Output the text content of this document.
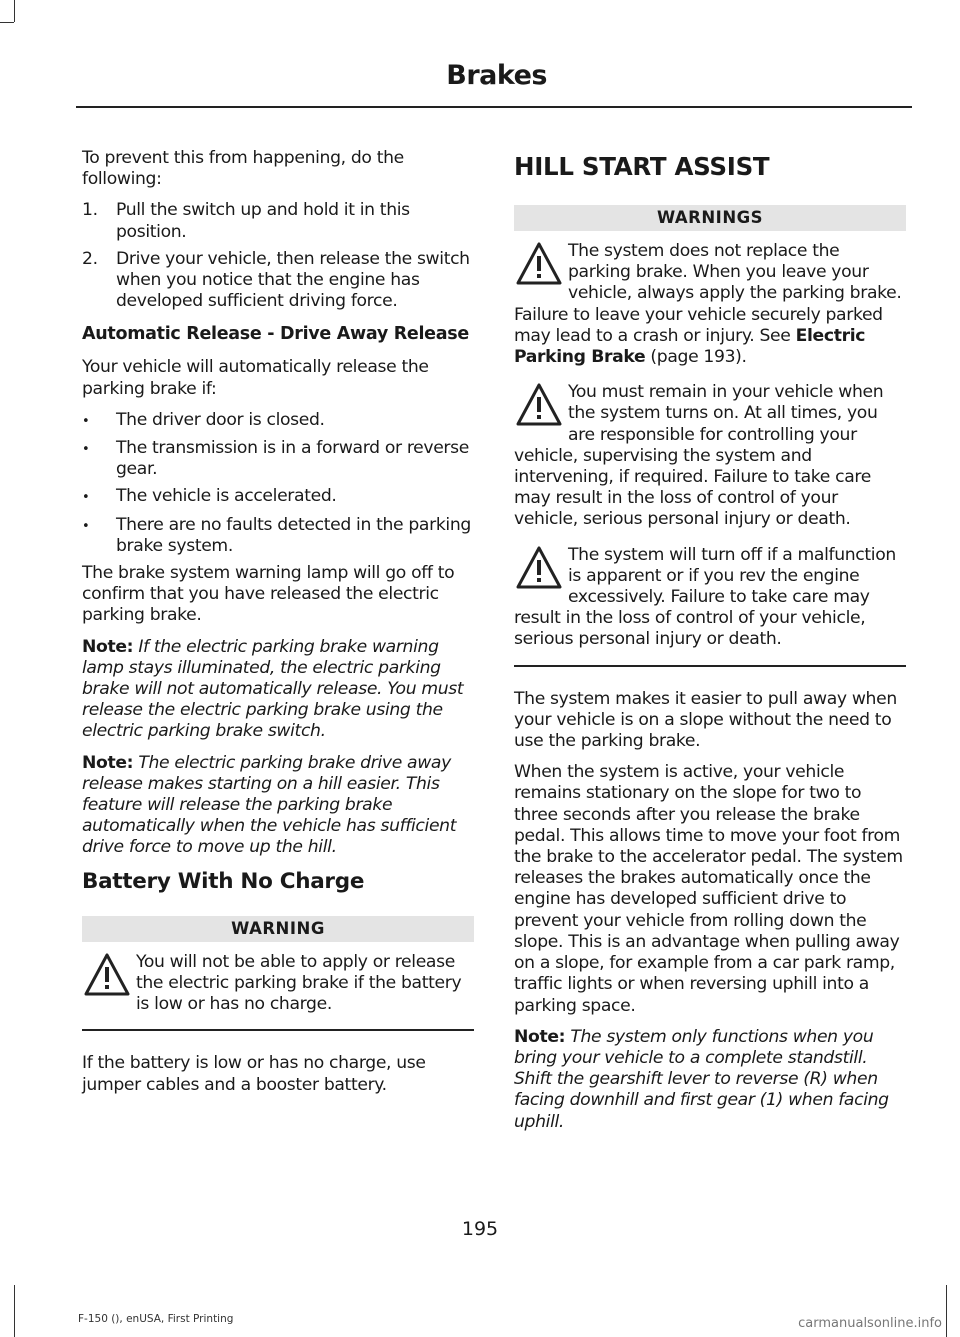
Brakes

To prevent this from happening, do the following:

1.	Pull the switch up and hold it in this position.
2.	Drive your vehicle, then release the switch when you notice that the engine has developed sufficient driving force.
Automatic Release - Drive Away Release

Your vehicle will automatically release the parking brake if:

•
The driver door is closed.
•
The transmission is in a forward or reverse gear.
•
The vehicle is accelerated.
•
There are no faults detected in the parking brake system.

The brake system warning lamp will go off to confirm that you have released the electric parking brake.

Note: If the electric parking brake warning lamp stays illuminated, the electric parking brake will not automatically release. You must release the electric parking brake using the electric parking brake switch.

Note: The electric parking brake drive away release makes starting on a hill easier. This feature will release the parking brake automatically when the vehicle has sufficient drive force to move up the hill.

Battery With No Charge
WARNING
You will not be able to apply or release the electric parking brake if the battery is low or has no charge.

If the battery is low or has no charge, use jumper cables and a booster battery.

HILL START ASSIST
WARNINGS
The system does not replace the parking brake. When you leave your vehicle, always apply the parking brake. Failure to leave your vehicle securely parked may lead to a crash or injury. See Electric Parking Brake (page 193).
You must remain in your vehicle when the system turns on. At all times, you are responsible for controlling your vehicle, supervising the system and intervening, if required. Failure to take care may result in the loss of control of your vehicle, serious personal injury or death.
The system will turn off if a malfunction is apparent or if you rev the engine excessively. Failure to take care may result in the loss of control of your vehicle, serious personal injury or death.

The system makes it easier to pull away when your vehicle is on a slope without the need to use the parking brake.

When the system is active, your vehicle remains stationary on the slope for two to three seconds after you release the brake pedal. This allows time to move your foot from the brake to the accelerator pedal. The system releases the brakes automatically once the engine has developed sufficient drive to prevent your vehicle from rolling down the slope. This is an advantage when pulling away on a slope, for example from a car park ramp, traffic lights or when reversing uphill into a parking space.

Note: The system only functions when you bring your vehicle to a complete standstill. Shift the gearshift lever to reverse (R) when facing downhill and first gear (1) when facing uphill.

195
F-150 (), enUSA, First Printing	carmanualsonline.info
